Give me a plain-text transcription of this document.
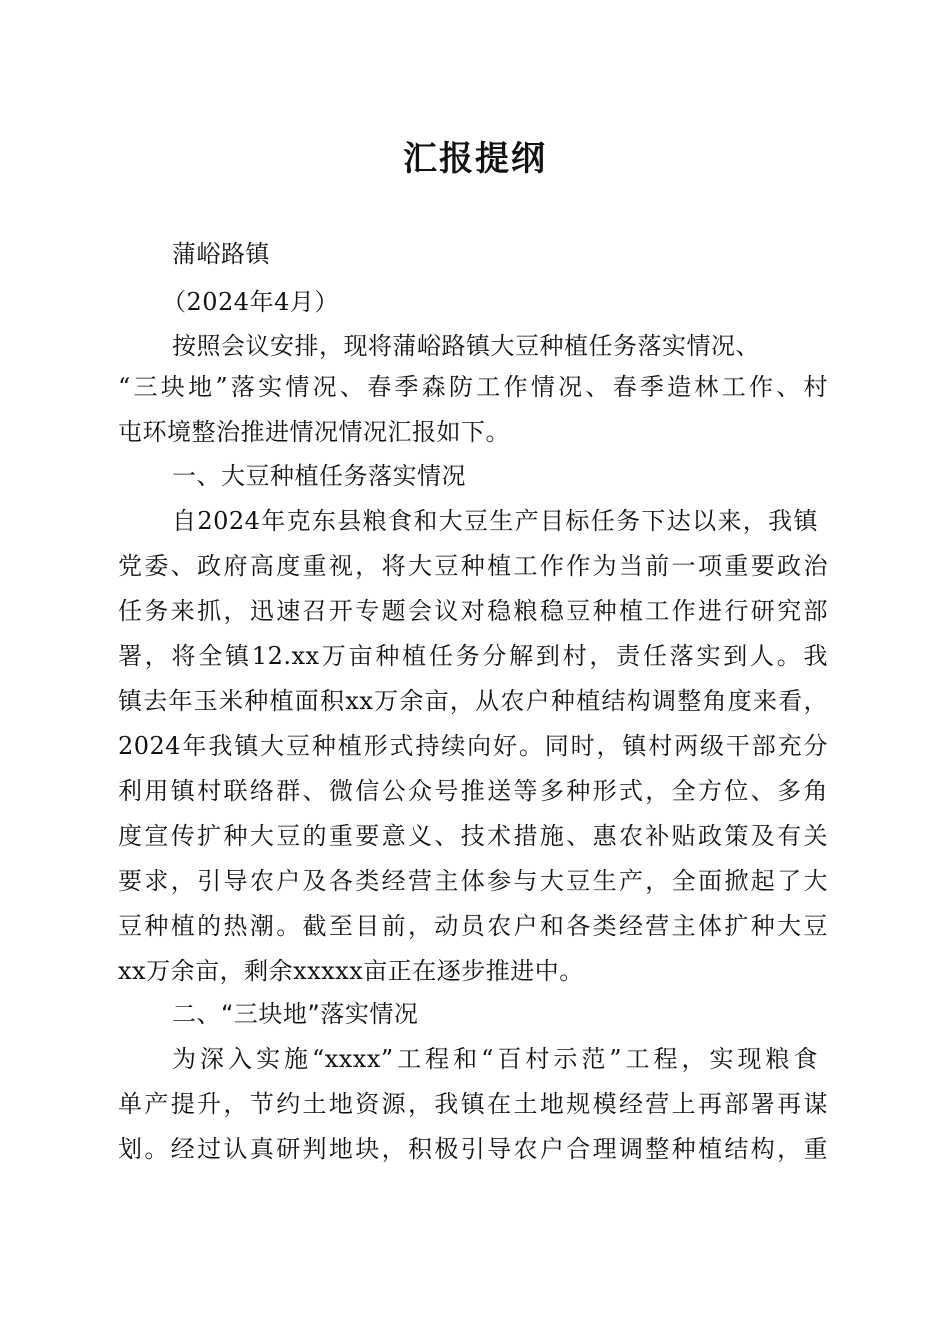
汇报提纲
蒲峪路镇
（2024年4月）
按照会议安排，现将蒲峪路镇大豆种植任务落实情况、
“三块地”落实情况、春季森防工作情况、春季造林工作、村
屯环境整治推进情况情况汇报如下。
一、大豆种植任务落实情况
自2024年克东县粮食和大豆生产目标任务下达以来，我镇
党委、政府高度重视，将大豆种植工作作为当前一项重要政治
任务来抓，迅速召开专题会议对稳粮稳豆种植工作进行研究部
署，将全镇12.xx万亩种植任务分解到村，责任落实到人。我
镇去年玉米种植面积xx万余亩，从农户种植结构调整角度来看，
2024年我镇大豆种植形式持续向好。同时，镇村两级干部充分
利用镇村联络群、微信公众号推送等多种形式，全方位、多角
度宣传扩种大豆的重要意义、技术措施、惠农补贴政策及有关
要求，引导农户及各类经营主体参与大豆生产，全面掀起了大
豆种植的热潮。截至目前，动员农户和各类经营主体扩种大豆
xx万余亩，剩余xxxxx亩正在逐步推进中。
二、“三块地”落实情况
为深入实施“xxxx”工程和“百村示范”工程，实现粮食
单产提升，节约土地资源，我镇在土地规模经营上再部署再谋
划。经过认真研判地块，积极引导农户合理调整种植结构，重
